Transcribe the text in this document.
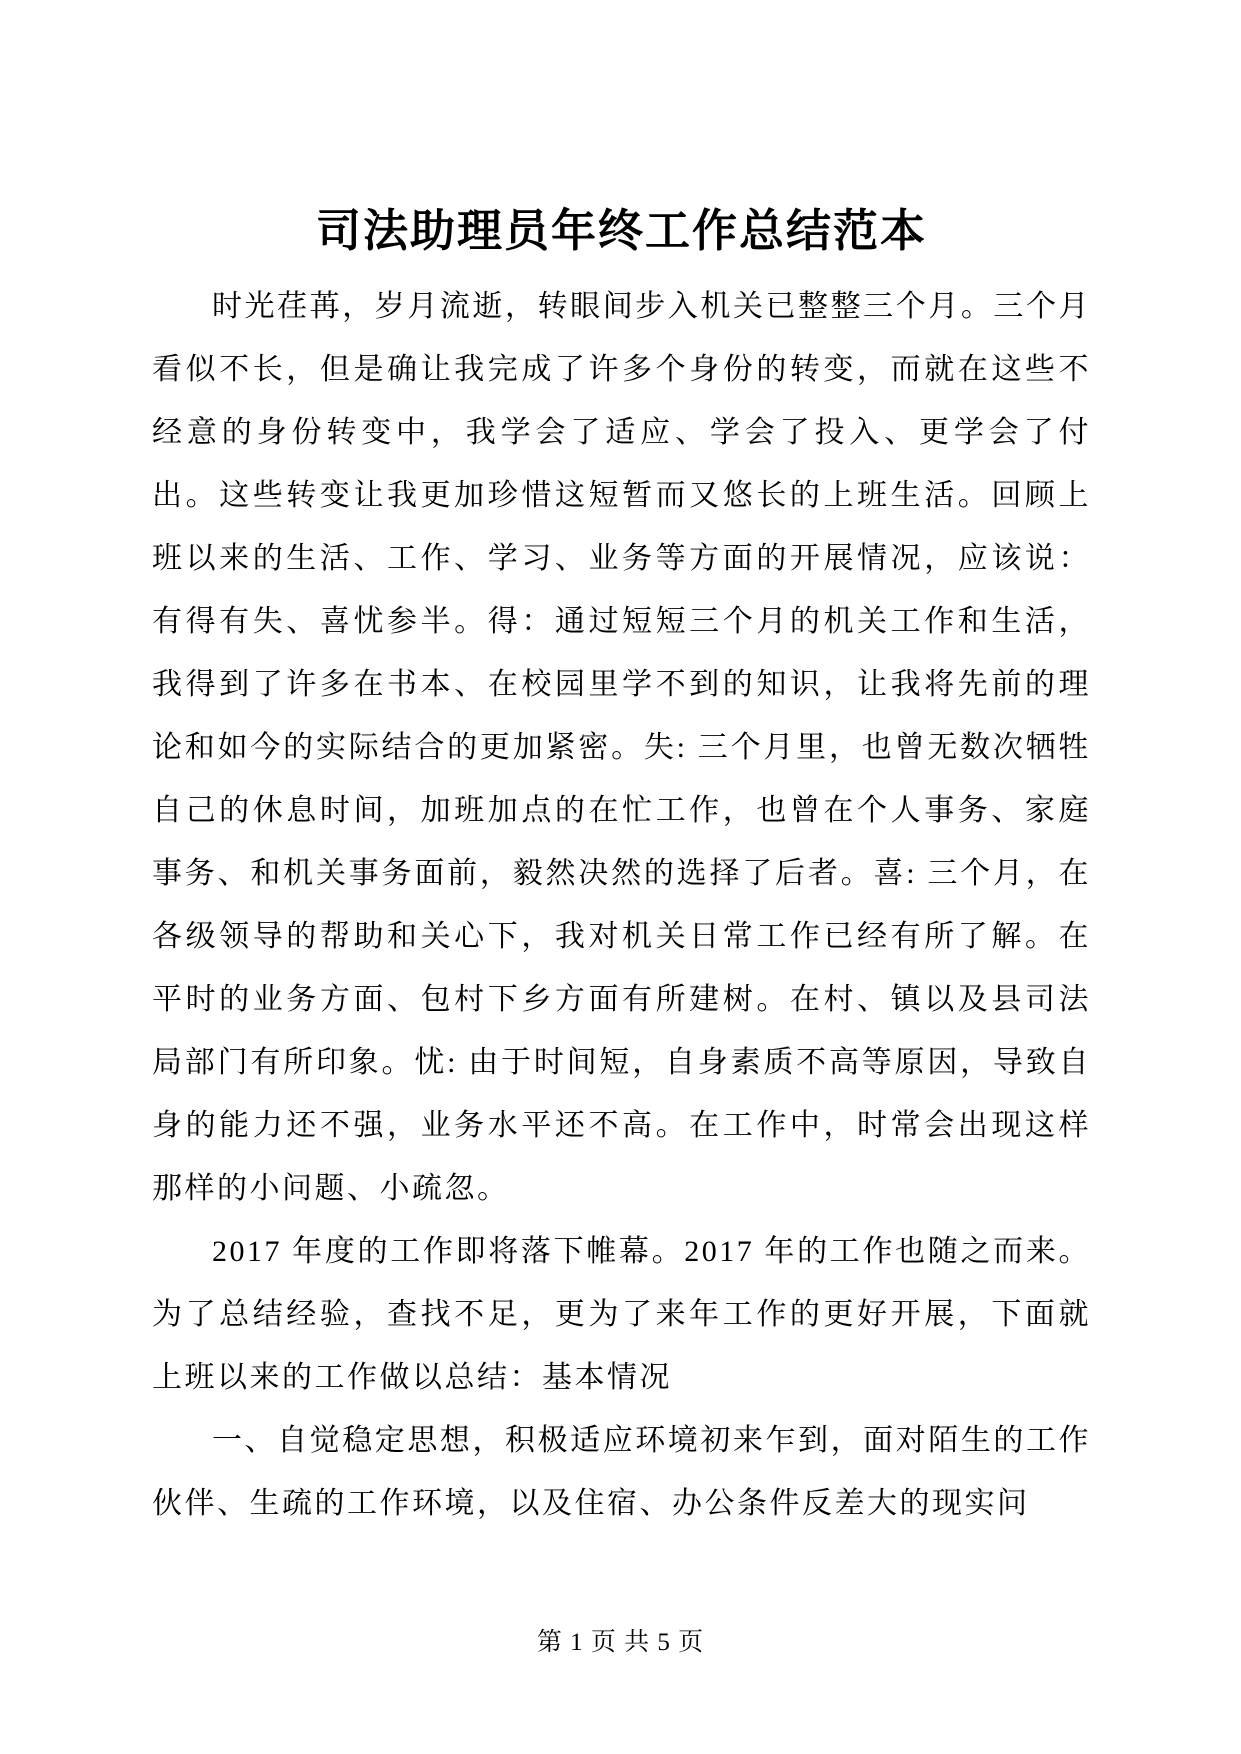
司法助理员年终工作总结范本

时光荏苒，岁月流逝，转眼间步入机关已整整三个月。三个月看似不长，但是确让我完成了许多个身份的转变，而就在这些不经意的身份转变中，我学会了适应、学会了投入、更学会了付出。这些转变让我更加珍惜这短暂而又悠长的上班生活。回顾上班以来的生活、工作、学习、业务等方面的开展情况，应该说：有得有失、喜忧参半。得：通过短短三个月的机关工作和生活，我得到了许多在书本、在校园里学不到的知识，让我将先前的理论和如今的实际结合的更加紧密。失: 三个月里，也曾无数次牺牲自己的休息时间，加班加点的在忙工作，也曾在个人事务、家庭事务、和机关事务面前，毅然决然的选择了后者。喜: 三个月，在各级领导的帮助和关心下，我对机关日常工作已经有所了解。在平时的业务方面、包村下乡方面有所建树。在村、镇以及县司法局部门有所印象。忧: 由于时间短，自身素质不高等原因，导致自身的能力还不强，业务水平还不高。在工作中，时常会出现这样那样的小问题、小疏忽。

2017 年度的工作即将落下帷幕。2017 年的工作也随之而来。为了总结经验，查找不足，更为了来年工作的更好开展，下面就上班以来的工作做以总结：基本情况

一、自觉稳定思想，积极适应环境初来乍到，面对陌生的工作伙伴、生疏的工作环境，以及住宿、办公条件反差大的现实问

第 1 页 共 5 页
